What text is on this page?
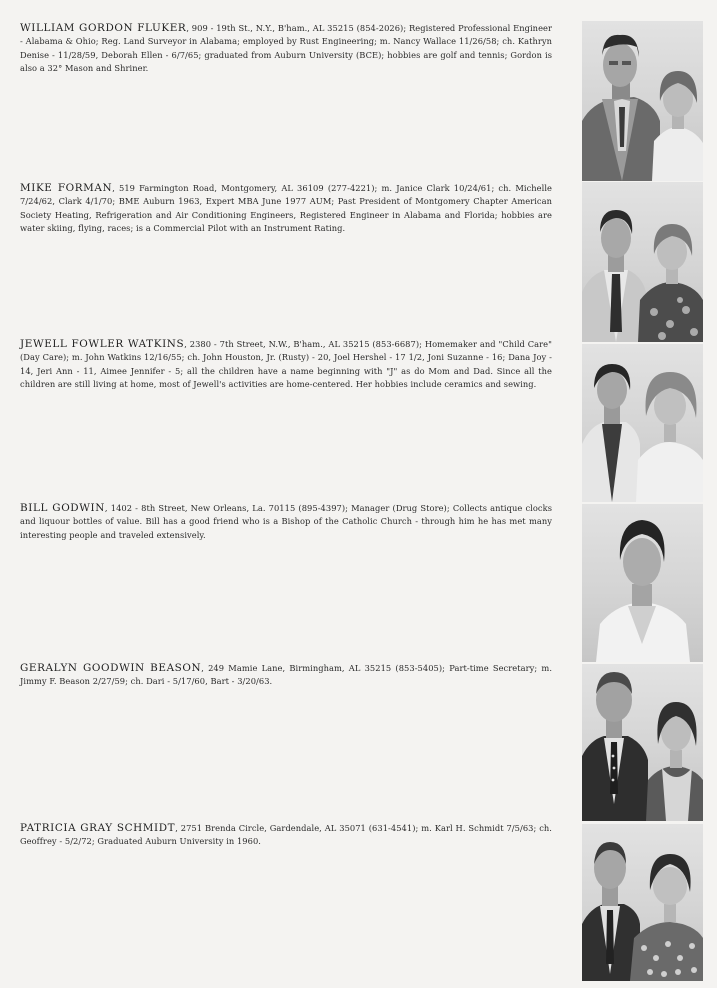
WILLIAM GORDON FLUKER, 909 - 19th St., N.Y., B'ham., AL 35215 (854-2026); Registered Professional Engineer - Alabama & Ohio; Reg. Land Surveyor in Alabama; employed by Rust Engineering; m. Nancy Wallace 11/26/58; ch. Kathryn Denise - 11/28/59, Deborah Ellen - 6/7/65; graduated from Auburn University (BCE); hobbies are golf and tennis; Gordon is also a 32° Mason and Shriner.

MIKE FORMAN, 519 Farmington Road, Montgomery, AL 36109 (277-4221); m. Janice Clark 10/24/61; ch. Michelle 7/24/62, Clark 4/1/70; BME Auburn 1963, Expert MBA June 1977 AUM; Past President of Montgomery Chapter American Society Heating, Refrigeration and Air Conditioning Engineers, Registered Engineer in Alabama and Florida; hobbies are water skiing, flying, races; is a Commercial Pilot with an Instrument Rating.

JEWELL FOWLER WATKINS, 2380 - 7th Street, N.W., B'ham., AL 35215 (853-6687); Homemaker and "Child Care" (Day Care); m. John Watkins 12/16/55; ch. John Houston, Jr. (Rusty) - 20, Joel Hershel - 17 1/2, Joni Suzanne - 16; Dana Joy - 14, Jeri Ann - 11, Aimee Jennifer - 5; all the children have a name beginning with "J" as do Mom and Dad. Since all the children are still living at home, most of Jewell's activities are home-centered. Her hobbies include ceramics and sewing.

BILL GODWIN, 1402 - 8th Street, New Orleans, La. 70115 (895-4397); Manager (Drug Store); Collects antique clocks and liquour bottles of value. Bill has a good friend who is a Bishop of the Catholic Church - through him he has met many interesting people and traveled extensively.

GERALYN GOODWIN BEASON, 249 Mamie Lane, Birmingham, AL 35215 (853-5405); Part-time Secretary; m. Jimmy F. Beason 2/27/59; ch. Dari - 5/17/60, Bart - 3/20/63.

PATRICIA GRAY SCHMIDT, 2751 Brenda Circle, Gardendale, AL 35071 (631-4541); m. Karl H. Schmidt 7/5/63; ch. Geoffrey - 5/2/72; Graduated Auburn University in 1960.
